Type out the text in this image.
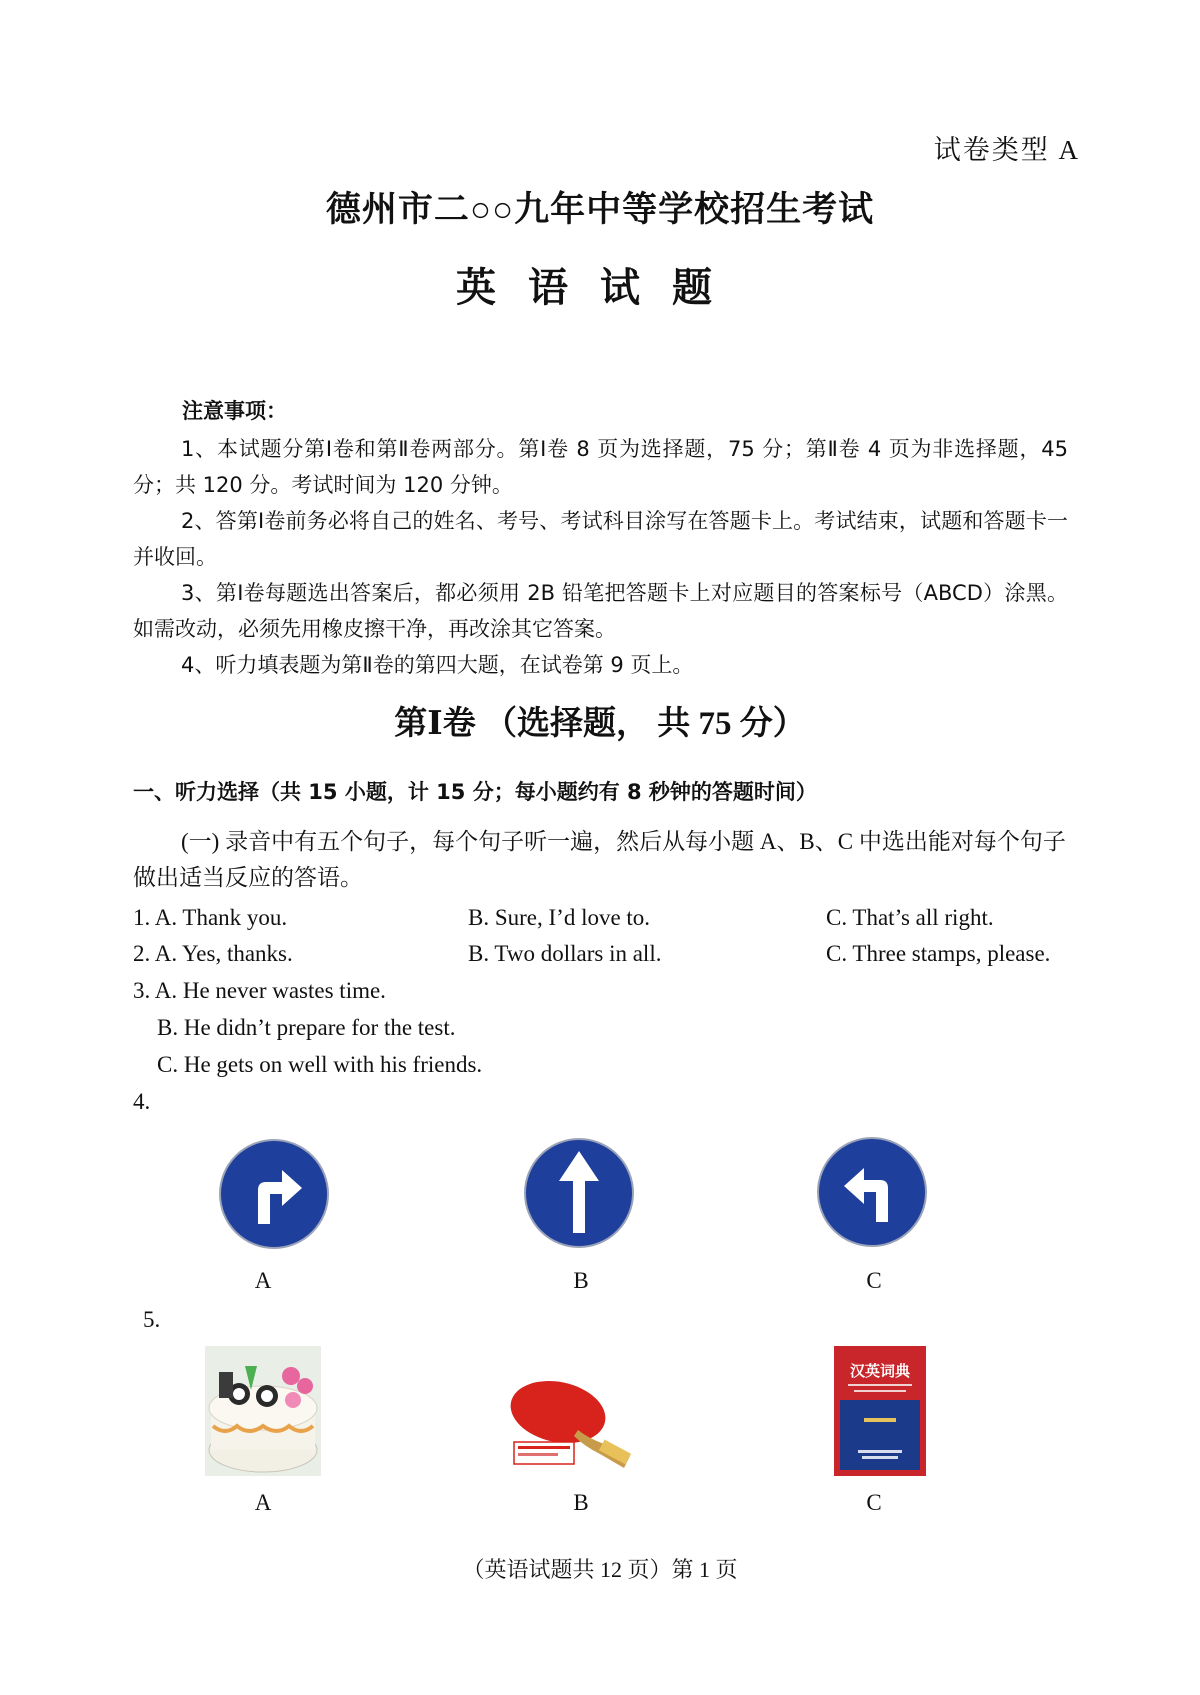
试卷类型 A
德州市二○○九年中等学校招生考试
英语试题
注意事项：

1、本试题分第Ⅰ卷和第Ⅱ卷两部分。第Ⅰ卷 8 页为选择题，75 分；第Ⅱ卷 4 页为非选择题，45 分；共 120 分。考试时间为 120 分钟。

2、答第Ⅰ卷前务必将自己的姓名、考号、考试科目涂写在答题卡上。考试结束，试题和答题卡一并收回。

3、第Ⅰ卷每题选出答案后，都必须用 2B 铅笔把答题卡上对应题目的答案标号（ABCD）涂黑。如需改动，必须先用橡皮擦干净，再改涂其它答案。

4、听力填表题为第Ⅱ卷的第四大题，在试卷第 9 页上。

第Ⅰ卷 （选择题， 共 75 分）
一、听力选择（共 15 小题，计 15 分；每小题约有 8 秒钟的答题时间）
(一) 录音中有五个句子，每个句子听一遍，然后从每小题 A、B、C 中选出能对每个句子做出适当反应的答语。
1. A. Thank you.	B. Sure, I’d love to.	C. That’s all right.
2. A. Yes, thanks.	B. Two dollars in all.	C. Three stamps, please.
3. A. He never wastes time.
B. He didn’t prepare for the test.
C. He gets on well with his friends.
4.
A	B	C
5.
汉英词典
A	B	C
（英语试题共 12 页）第 1 页
